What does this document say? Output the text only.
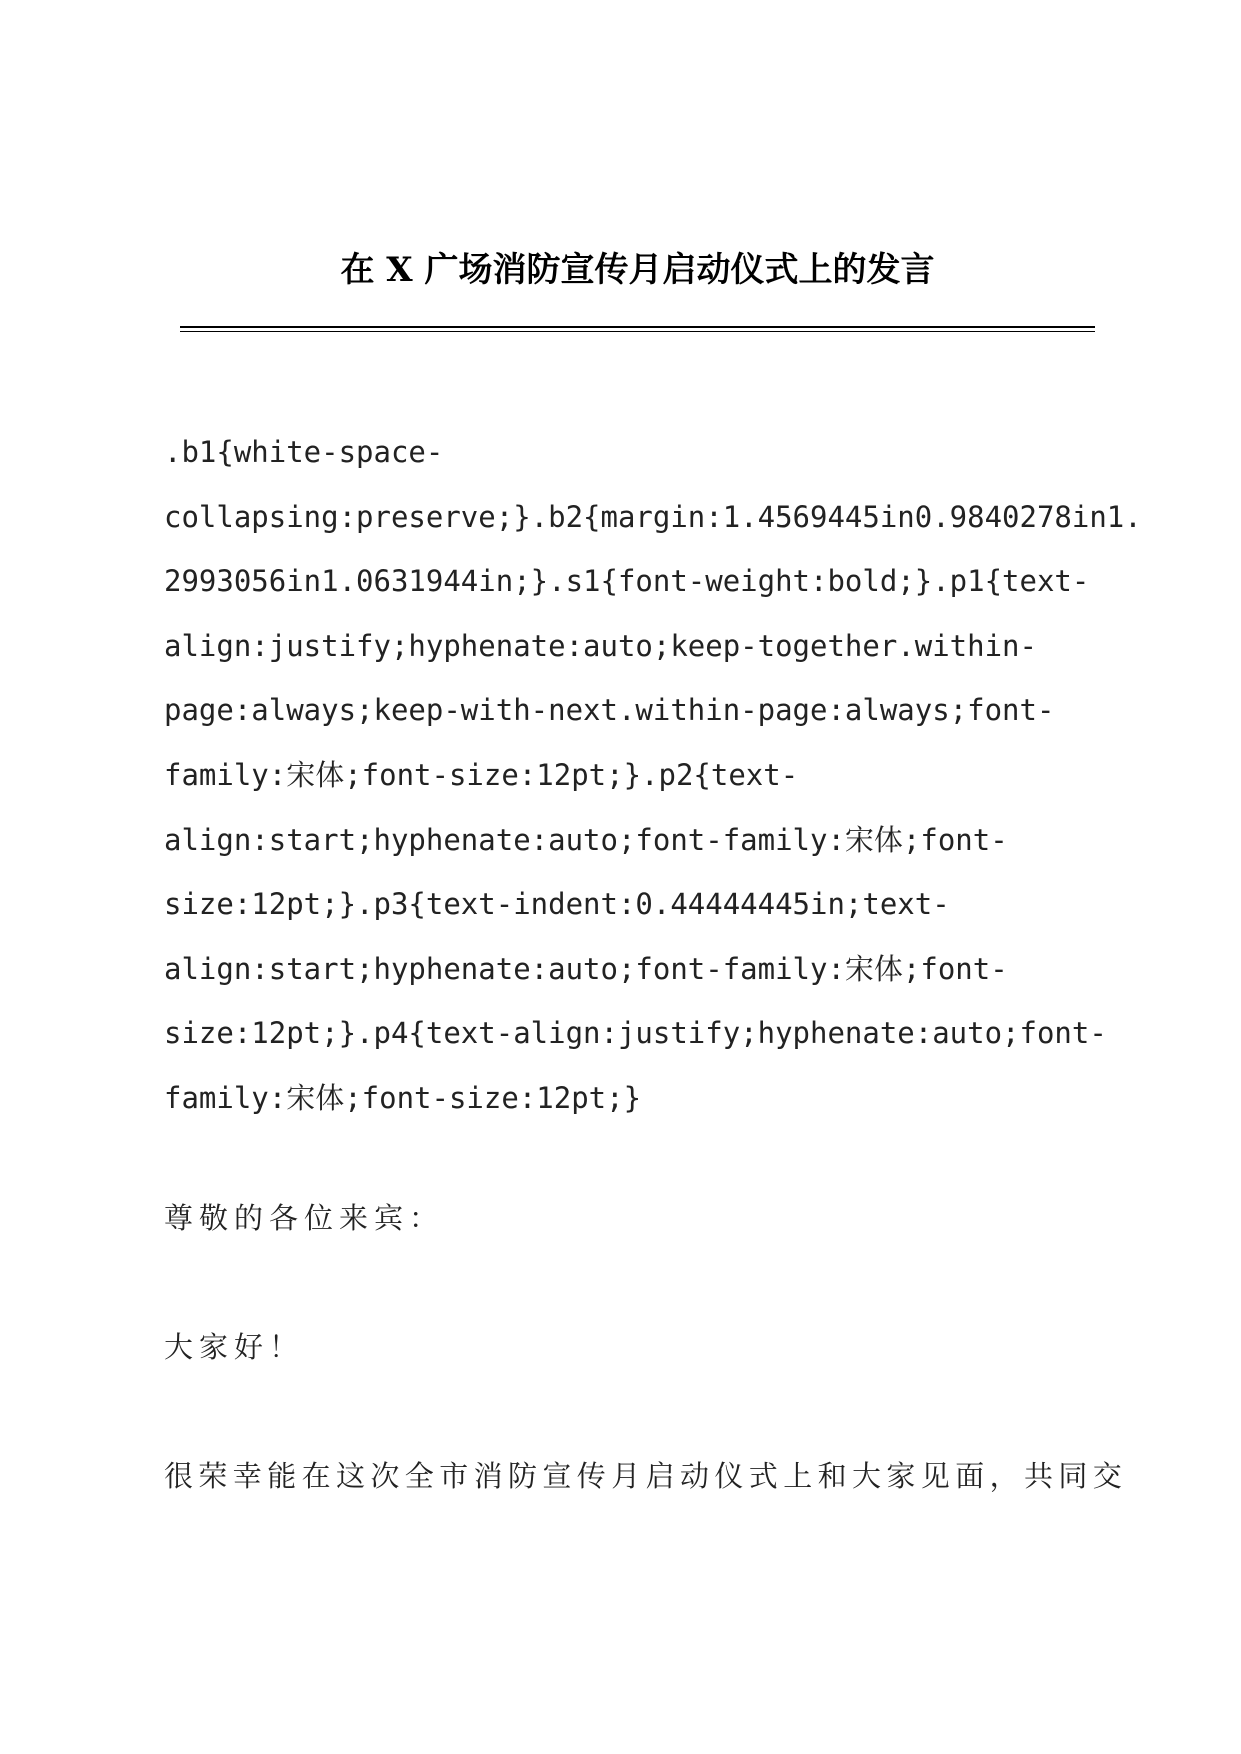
在 X 广场消防宣传月启动仪式上的发言
.b1{white-space-
collapsing:preserve;}.b2{margin:1.4569445in0.9840278in1.
2993056in1.0631944in;}.s1{font-weight:bold;}.p1{text-
align:justify;hyphenate:auto;keep-together.within-
page:always;keep-with-next.within-page:always;font-
family:宋体;font-size:12pt;}.p2{text-
align:start;hyphenate:auto;font-family:宋体;font-
size:12pt;}.p3{text-indent:0.44444445in;text-
align:start;hyphenate:auto;font-family:宋体;font-
size:12pt;}.p4{text-align:justify;hyphenate:auto;font-
family:宋体;font-size:12pt;}

尊敬的各位来宾：

大家好！

很荣幸能在这次全市消防宣传月启动仪式上和大家见面，共同交
